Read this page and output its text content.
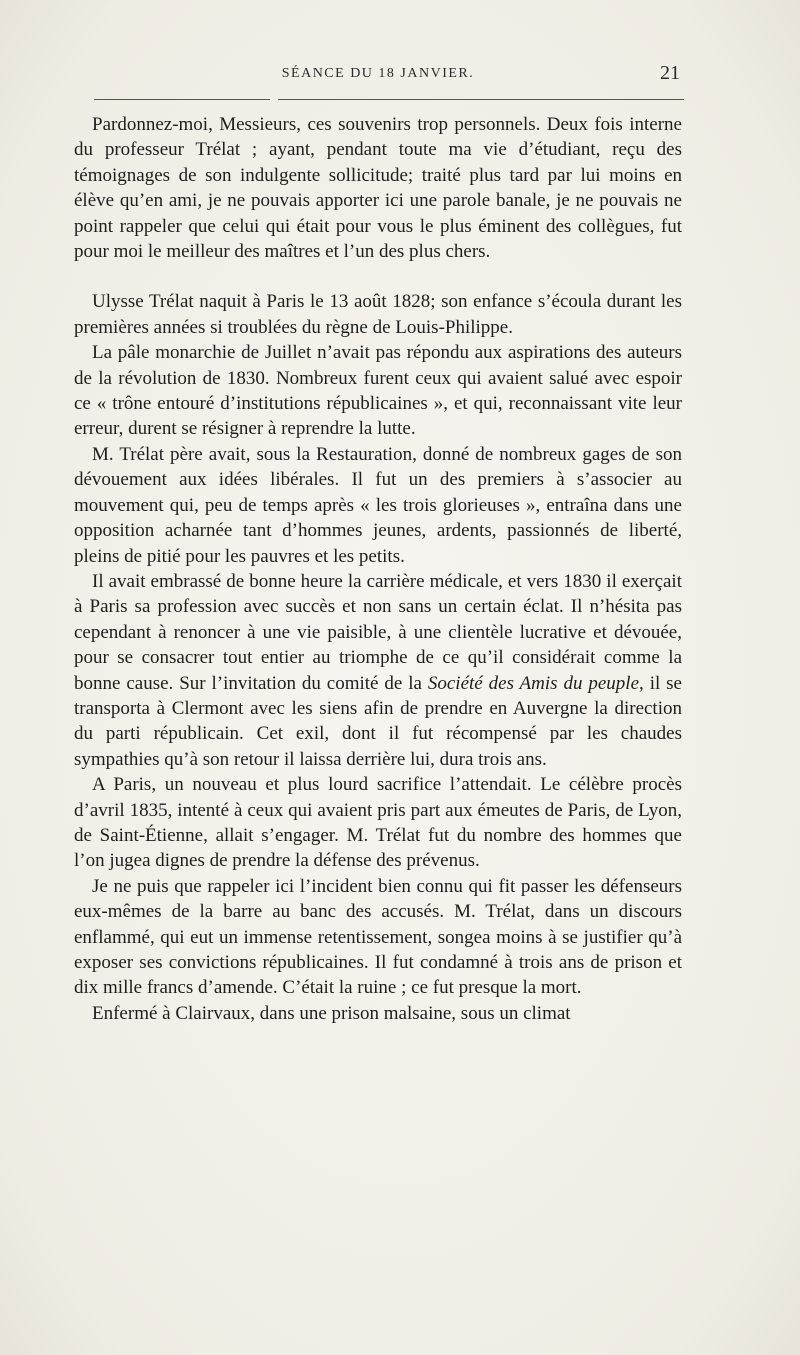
SÉANCE DU 18 JANVIER.	21

Pardonnez-moi, Messieurs, ces souvenirs trop personnels. Deux fois interne du professeur Trélat ; ayant, pendant toute ma vie d’étudiant, reçu des témoignages de son indulgente sollicitude; traité plus tard par lui moins en élève qu’en ami, je ne pouvais apporter ici une parole banale, je ne pouvais ne point rappeler que celui qui était pour vous le plus éminent des collègues, fut pour moi le meilleur des maîtres et l’un des plus chers.

Ulysse Trélat naquit à Paris le 13 août 1828; son enfance s’écoula durant les premières années si troublées du règne de Louis-Philippe.

La pâle monarchie de Juillet n’avait pas répondu aux aspirations des auteurs de la révolution de 1830. Nombreux furent ceux qui avaient salué avec espoir ce « trône entouré d’institutions républicaines », et qui, reconnaissant vite leur erreur, durent se résigner à reprendre la lutte.

M. Trélat père avait, sous la Restauration, donné de nombreux gages de son dévouement aux idées libérales. Il fut un des premiers à s’associer au mouvement qui, peu de temps après « les trois glorieuses », entraîna dans une opposition acharnée tant d’hommes jeunes, ardents, passionnés de liberté, pleins de pitié pour les pauvres et les petits.

Il avait embrassé de bonne heure la carrière médicale, et vers 1830 il exerçait à Paris sa profession avec succès et non sans un certain éclat. Il n’hésita pas cependant à renoncer à une vie paisible, à une clientèle lucrative et dévouée, pour se consacrer tout entier au triomphe de ce qu’il considérait comme la bonne cause. Sur l’invitation du comité de la Société des Amis du peuple, il se transporta à Clermont avec les siens afin de prendre en Auvergne la direction du parti républicain. Cet exil, dont il fut récompensé par les chaudes sympathies qu’à son retour il laissa derrière lui, dura trois ans.

A Paris, un nouveau et plus lourd sacrifice l’attendait. Le célèbre procès d’avril 1835, intenté à ceux qui avaient pris part aux émeutes de Paris, de Lyon, de Saint-Étienne, allait s’engager. M. Trélat fut du nombre des hommes que l’on jugea dignes de prendre la défense des prévenus.

Je ne puis que rappeler ici l’incident bien connu qui fit passer les défenseurs eux-mêmes de la barre au banc des accusés. M. Trélat, dans un discours enflammé, qui eut un immense retentissement, songea moins à se justifier qu’à exposer ses convictions républicaines. Il fut condamné à trois ans de prison et dix mille francs d’amende. C’était la ruine ; ce fut presque la mort.

Enfermé à Clairvaux, dans une prison malsaine, sous un climat
